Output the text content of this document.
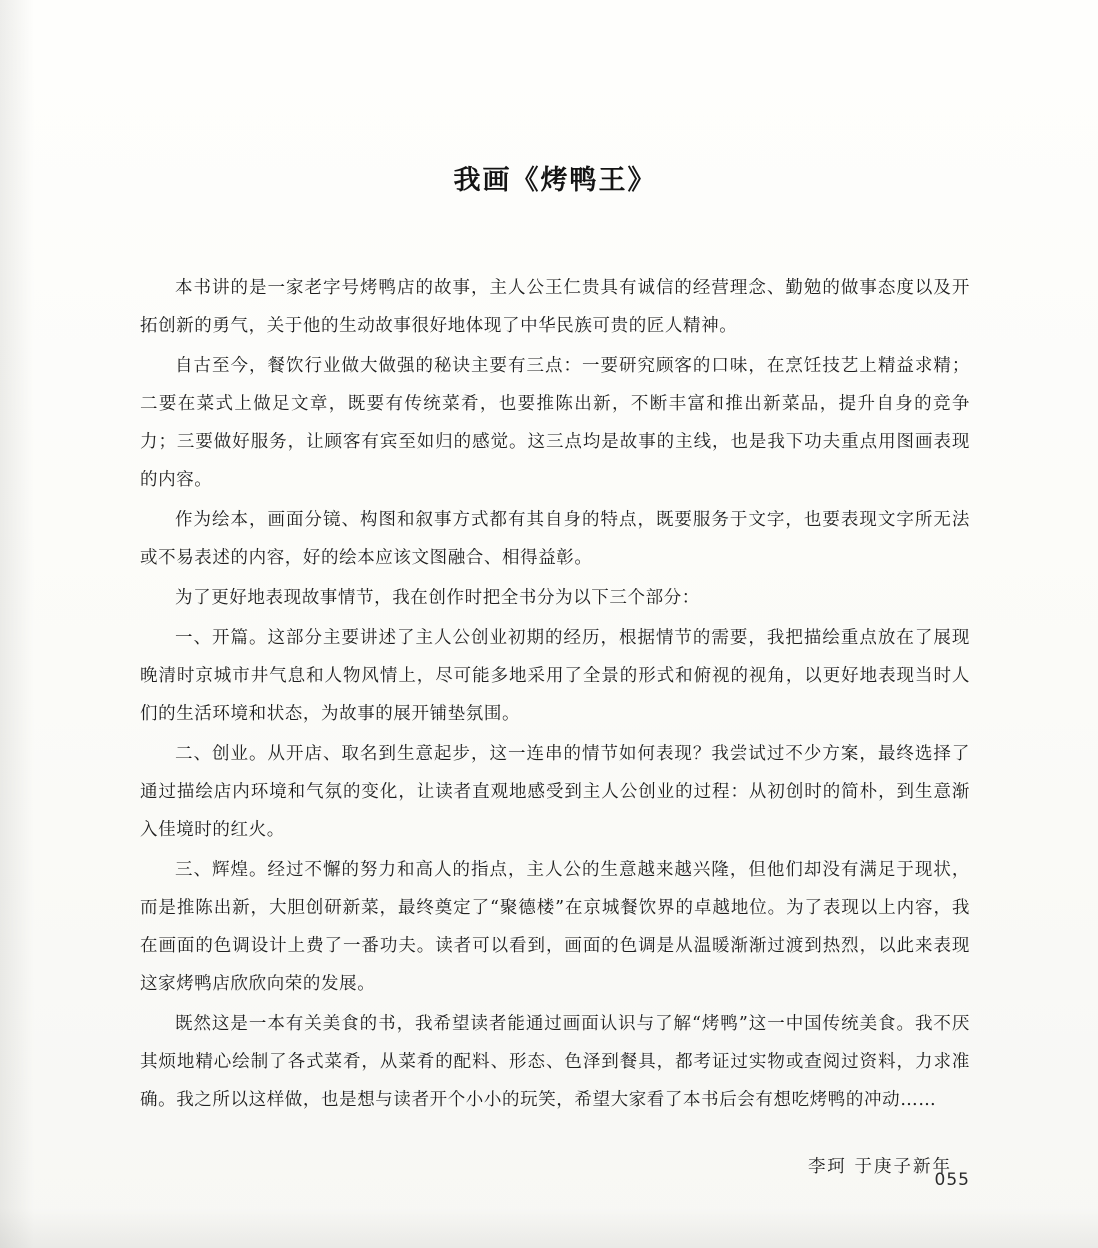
我画《烤鸭王》

本书讲的是一家老字号烤鸭店的故事，主人公王仁贵具有诚信的经营理念、勤勉的做事态度以及开拓创新的勇气，关于他的生动故事很好地体现了中华民族可贵的匠人精神。

自古至今，餐饮行业做大做强的秘诀主要有三点：一要研究顾客的口味，在烹饪技艺上精益求精；二要在菜式上做足文章，既要有传统菜肴，也要推陈出新，不断丰富和推出新菜品，提升自身的竞争力；三要做好服务，让顾客有宾至如归的感觉。这三点均是故事的主线，也是我下功夫重点用图画表现的内容。

作为绘本，画面分镜、构图和叙事方式都有其自身的特点，既要服务于文字，也要表现文字所无法或不易表述的内容，好的绘本应该文图融合、相得益彰。

为了更好地表现故事情节，我在创作时把全书分为以下三个部分：

一、开篇。这部分主要讲述了主人公创业初期的经历，根据情节的需要，我把描绘重点放在了展现晚清时京城市井气息和人物风情上，尽可能多地采用了全景的形式和俯视的视角，以更好地表现当时人们的生活环境和状态，为故事的展开铺垫氛围。

二、创业。从开店、取名到生意起步，这一连串的情节如何表现？我尝试过不少方案，最终选择了通过描绘店内环境和气氛的变化，让读者直观地感受到主人公创业的过程：从初创时的简朴，到生意渐入佳境时的红火。

三、辉煌。经过不懈的努力和高人的指点，主人公的生意越来越兴隆，但他们却没有满足于现状，而是推陈出新，大胆创研新菜，最终奠定了“聚德楼”在京城餐饮界的卓越地位。为了表现以上内容，我在画面的色调设计上费了一番功夫。读者可以看到，画面的色调是从温暖渐渐过渡到热烈，以此来表现这家烤鸭店欣欣向荣的发展。

既然这是一本有关美食的书，我希望读者能通过画面认识与了解“烤鸭”这一中国传统美食。我不厌其烦地精心绘制了各式菜肴，从菜肴的配料、形态、色泽到餐具，都考证过实物或查阅过资料，力求准确。我之所以这样做，也是想与读者开个小小的玩笑，希望大家看了本书后会有想吃烤鸭的冲动……

李珂 于庚子新年
055
